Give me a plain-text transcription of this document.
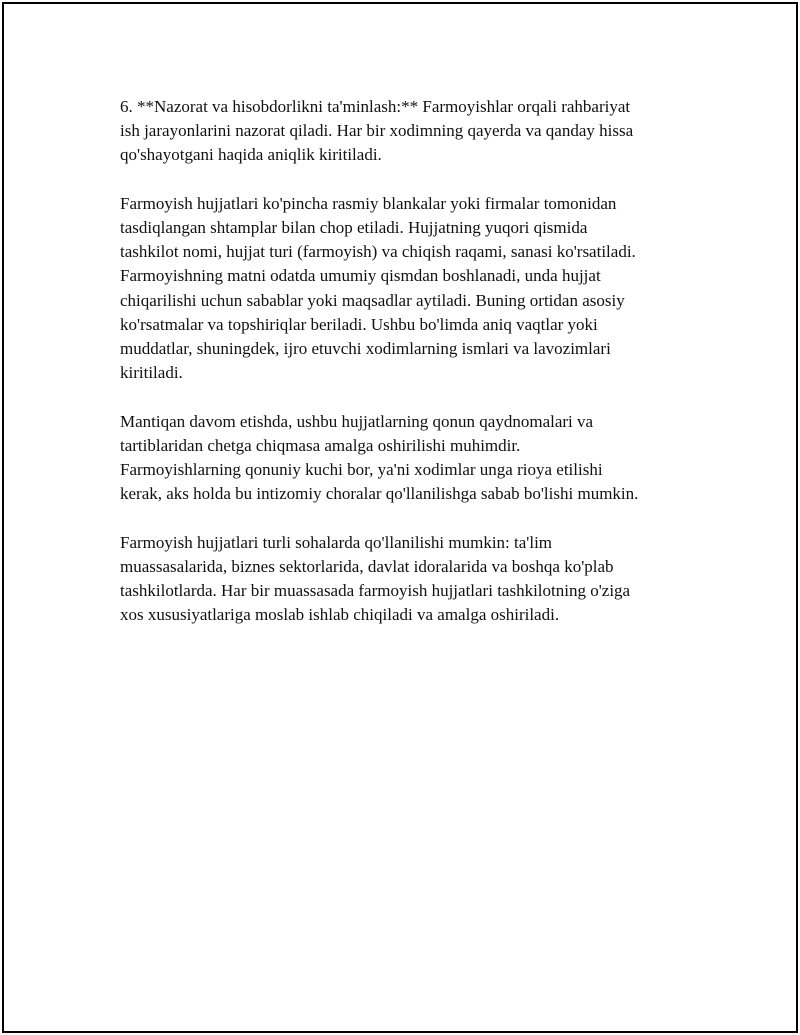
6. **Nazorat va hisobdorlikni ta'minlash:** Farmoyishlar orqali rahbariyat
ish jarayonlarini nazorat qiladi. Har bir xodimning qayerda va qanday hissa
qo'shayotgani haqida aniqlik kiritiladi.

Farmoyish hujjatlari ko'pincha rasmiy blankalar yoki firmalar tomonidan
tasdiqlangan shtamplar bilan chop etiladi. Hujjatning yuqori qismida
tashkilot nomi, hujjat turi (farmoyish) va chiqish raqami, sanasi ko'rsatiladi.
Farmoyishning matni odatda umumiy qismdan boshlanadi, unda hujjat
chiqarilishi uchun sabablar yoki maqsadlar aytiladi. Buning ortidan asosiy
ko'rsatmalar va topshiriqlar beriladi. Ushbu bo'limda aniq vaqtlar yoki
muddatlar, shuningdek, ijro etuvchi xodimlarning ismlari va lavozimlari
kiritiladi.

Mantiqan davom etishda, ushbu hujjatlarning qonun qaydnomalari va
tartiblaridan chetga chiqmasa amalga oshirilishi muhimdir.
Farmoyishlarning qonuniy kuchi bor, ya'ni xodimlar unga rioya etilishi
kerak, aks holda bu intizomiy choralar qo'llanilishga sabab bo'lishi mumkin.

Farmoyish hujjatlari turli sohalarda qo'llanilishi mumkin: ta'lim
muassasalarida, biznes sektorlarida, davlat idoralarida va boshqa ko'plab
tashkilotlarda. Har bir muassasada farmoyish hujjatlari tashkilotning o'ziga
xos xususiyatlariga moslab ishlab chiqiladi va amalga oshiriladi.
